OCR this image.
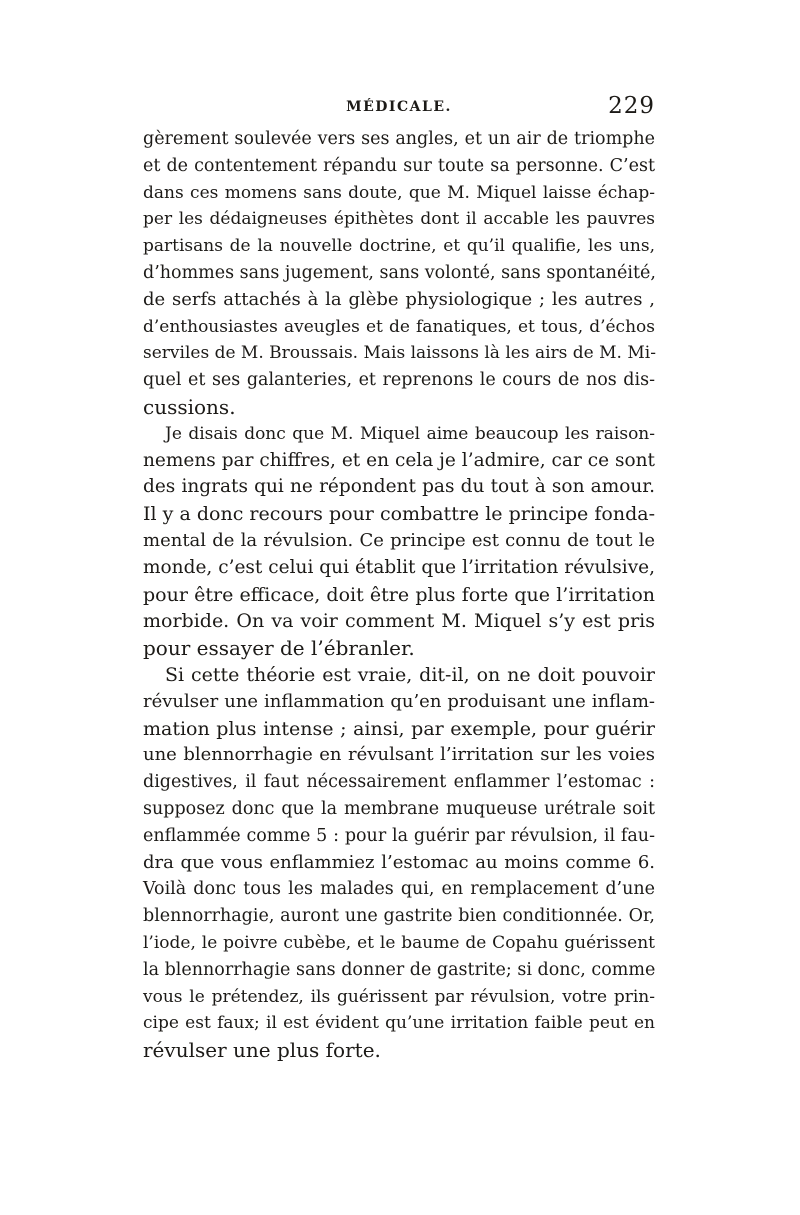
MÉDICALE.	229
gèrement soulevée vers ses angles, et un air de triomphe
et de contentement répandu sur toute sa personne. C’est
dans ces momens sans doute, que M. Miquel laisse échap-
per les dédaigneuses épithètes dont il accable les pauvres
partisans de la nouvelle doctrine, et qu’il qualifie, les uns,
d’hommes sans jugement, sans volonté, sans spontanéité,
de serfs attachés à la glèbe physiologique ; les autres ,
d’enthousiastes aveugles et de fanatiques, et tous, d’échos
serviles de M. Broussais. Mais laissons là les airs de M. Mi-
quel et ses galanteries, et reprenons le cours de nos dis-
cussions.
Je disais donc que M. Miquel aime beaucoup les raison-
nemens par chiffres, et en cela je l’admire, car ce sont
des ingrats qui ne répondent pas du tout à son amour.
Il y a donc recours pour combattre le principe fonda-
mental de la révulsion. Ce principe est connu de tout le
monde, c’est celui qui établit que l’irritation révulsive,
pour être efficace, doit être plus forte que l’irritation
morbide. On va voir comment M. Miquel s’y est pris
pour essayer de l’ébranler.
Si cette théorie est vraie, dit-il, on ne doit pouvoir
révulser une inflammation qu’en produisant une inflam-
mation plus intense ; ainsi, par exemple, pour guérir
une blennorrhagie en révulsant l’irritation sur les voies
digestives, il faut nécessairement enflammer l’estomac :
supposez donc que la membrane muqueuse urétrale soit
enflammée comme 5 : pour la guérir par révulsion, il fau-
dra que vous enflammiez l’estomac au moins comme 6.
Voilà donc tous les malades qui, en remplacement d’une
blennorrhagie, auront une gastrite bien conditionnée. Or,
l’iode, le poivre cubèbe, et le baume de Copahu guérissent
la blennorrhagie sans donner de gastrite; si donc, comme
vous le prétendez, ils guérissent par révulsion, votre prin-
cipe est faux; il est évident qu’une irritation faible peut en
révulser une plus forte.
